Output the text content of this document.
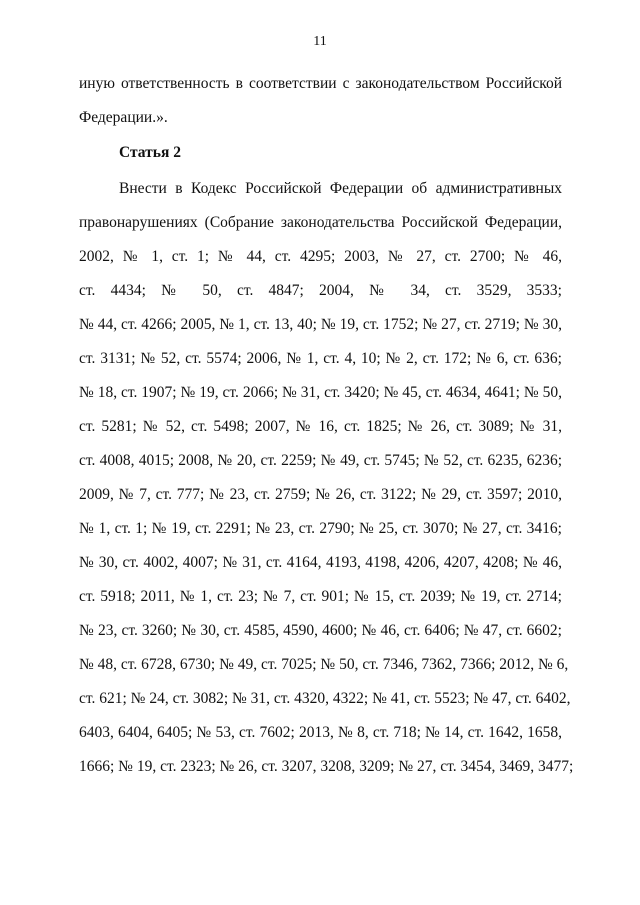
11
иную ответственность в соответствии с законодательством Российской
Федерации.».
Статья 2
Внести в Кодекс Российской Федерации об административных
правонарушениях (Собрание законодательства Российской Федерации,
2002, № 1, ст. 1; № 44, ст. 4295; 2003, № 27, ст. 2700; № 46,
ст. 4434; № 50, ст. 4847; 2004, № 34, ст. 3529, 3533;
№ 44, ст. 4266; 2005, № 1, ст. 13, 40; № 19, ст. 1752; № 27, ст. 2719; № 30,
ст. 3131; № 52, ст. 5574; 2006, № 1, ст. 4, 10; № 2, ст. 172; № 6, ст. 636;
№ 18, ст. 1907; № 19, ст. 2066; № 31, ст. 3420; № 45, ст. 4634, 4641; № 50,
ст. 5281; № 52, ст. 5498; 2007, № 16, ст. 1825; № 26, ст. 3089; № 31,
ст. 4008, 4015; 2008, № 20, ст. 2259; № 49, ст. 5745; № 52, ст. 6235, 6236;
2009, № 7, ст. 777; № 23, ст. 2759; № 26, ст. 3122; № 29, ст. 3597; 2010,
№ 1, ст. 1; № 19, ст. 2291; № 23, ст. 2790; № 25, ст. 3070; № 27, ст. 3416;
№ 30, ст. 4002, 4007; № 31, ст. 4164, 4193, 4198, 4206, 4207, 4208; № 46,
ст. 5918; 2011, № 1, ст. 23; № 7, ст. 901; № 15, ст. 2039; № 19, ст. 2714;
№ 23, ст. 3260; № 30, ст. 4585, 4590, 4600; № 46, ст. 6406; № 47, ст. 6602;
№ 48, ст. 6728, 6730; № 49, ст. 7025; № 50, ст. 7346, 7362, 7366; 2012, № 6,
ст. 621; № 24, ст. 3082; № 31, ст. 4320, 4322; № 41, ст. 5523; № 47, ст. 6402,
6403, 6404, 6405; № 53, ст. 7602; 2013, № 8, ст. 718; № 14, ст. 1642, 1658,
1666; № 19, ст. 2323; № 26, ст. 3207, 3208, 3209; № 27, ст. 3454, 3469, 3477;
